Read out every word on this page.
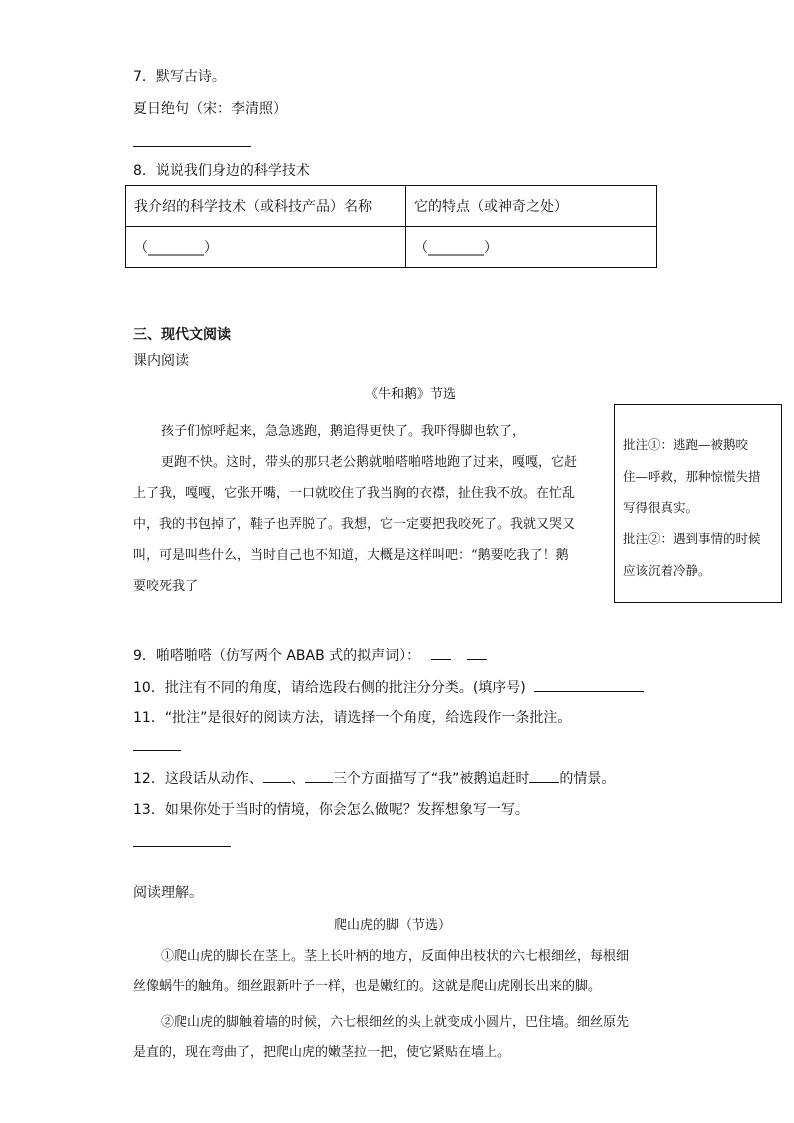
7．默写古诗。
夏日绝句（宋：李清照）
8．说说我们身边的科学技术
我介绍的科学技术（或科技产品）名称	它的特点（或神奇之处）
（________）	（________）
三、现代文阅读
课内阅读
《牛和鹅》节选
孩子们惊呼起来，急急逃跑，鹅追得更快了。我吓得脚也软了，
更跑不快。这时，带头的那只老公鹅就啪嗒啪嗒地跑了过来，嘎嘎，它赶
上了我，嘎嘎，它张开嘴，一口就咬住了我当胸的衣襟，扯住我不放。在忙乱
中，我的书包掉了，鞋子也弄脱了。我想，它一定要把我咬死了。我就又哭又
叫，可是叫些什么，当时自己也不知道，大概是这样叫吧：“鹅要吃我了！鹅
要咬死我了
批注①：逃跑—被鹅咬
住—呼救，那种惊慌失措
写得很真实。
批注②：遇到事情的时候
应该沉着冷静。
9．啪嗒啪嗒（仿写两个 ABAB 式的拟声词）：
10．批注有不同的角度，请给选段右侧的批注分分类。(填序号)
11．“批注”是很好的阅读方法，请选择一个角度，给选段作一条批注。
12．这段话从动作、 、 三个方面描写了“我”被鹅追赶时 的情景。
13．如果你处于当时的情境，你会怎么做呢？发挥想象写一写。
阅读理解。
爬山虎的脚（节选）
①爬山虎的脚长在茎上。茎上长叶柄的地方，反面伸出枝状的六七根细丝，每根细
丝像蜗牛的触角。细丝跟新叶子一样，也是嫩红的。这就是爬山虎刚长出来的脚。
②爬山虎的脚触着墙的时候，六七根细丝的头上就变成小圆片，巴住墙。细丝原先
是直的，现在弯曲了，把爬山虎的嫩茎拉一把，使它紧贴在墙上。
